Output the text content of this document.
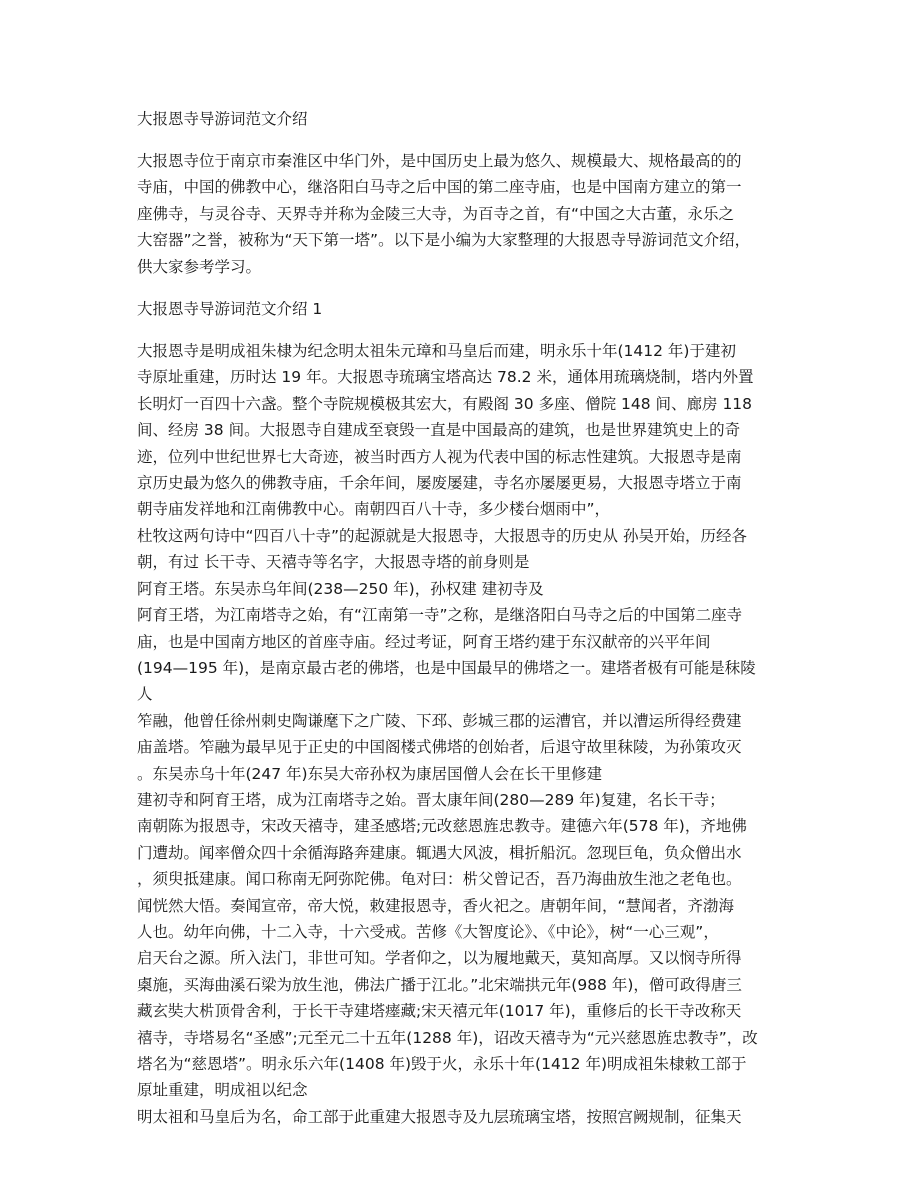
大报恩寺导游词范文介绍
大报恩寺位于南京市秦淮区中华门外，是中国历史上最为悠久、规模最大、规格最高的的
寺庙，中国的佛教中心，继洛阳白马寺之后中国的第二座寺庙，也是中国南方建立的第一
座佛寺，与灵谷寺、天界寺并称为金陵三大寺，为百寺之首，有“中国之大古董，永乐之
大窑器”之誉，被称为“天下第一塔”。以下是小编为大家整理的大报恩寺导游词范文介绍，
供大家参考学习。
大报恩寺导游词范文介绍 1
大报恩寺是明成祖朱棣为纪念明太祖朱元璋和马皇后而建，明永乐十年(1412 年)于建初
寺原址重建，历时达 19 年。大报恩寺琉璃宝塔高达 78.2 米，通体用琉璃烧制，塔内外置
长明灯一百四十六盏。整个寺院规模极其宏大，有殿阁 30 多座、僧院 148 间、廊房 118
间、经房 38 间。大报恩寺自建成至衰毁一直是中国最高的建筑，也是世界建筑史上的奇
迹，位列中世纪世界七大奇迹，被当时西方人视为代表中国的标志性建筑。大报恩寺是南
京历史最为悠久的佛教寺庙，千余年间，屡废屡建，寺名亦屡屡更易，大报恩寺塔立于南
朝寺庙发祥地和江南佛教中心。南朝四百八十寺，多少楼台烟雨中”，
杜牧这两句诗中“四百八十寺”的起源就是大报恩寺，大报恩寺的历史从 孙吴开始，历经各
朝，有过 长干寺、天禧寺等名字，大报恩寺塔的前身则是
阿育王塔。东吴赤乌年间(238—250 年)，孙权建 建初寺及
阿育王塔，为江南塔寺之始，有“江南第一寺”之称，是继洛阳白马寺之后的中国第二座寺
庙，也是中国南方地区的首座寺庙。经过考证，阿育王塔约建于东汉献帝的兴平年间
(194—195 年)，是南京最古老的佛塔，也是中国最早的佛塔之一。建塔者极有可能是秣陵
人
笮融，他曾任徐州刺史陶谦麾下之广陵、下邳、彭城三郡的运漕官，并以漕运所得经费建
庙盖塔。笮融为最早见于正史的中国阁楼式佛塔的创始者，后退守故里秣陵，为孙策攻灭
。东吴赤乌十年(247 年)东吴大帝孙权为康居国僧人会在长干里修建
建初寺和阿育王塔，成为江南塔寺之始。晋太康年间(280—289 年)复建，名长干寺；
南朝陈为报恩寺，宋改天禧寺，建圣感塔;元改慈恩旌忠教寺。建德六年(578 年)，齐地佛
门遭劫。闻率僧众四十余循海路奔建康。辄遇大风波，楫折船沉。忽现巨龟，负众僧出水
，须臾抵建康。闻口称南无阿弥陀佛。龟对曰：㭊父曾记否，吾乃海曲放生池之老龟也。
闻恍然大悟。奏闻宣帝，帝大悦，敕建报恩寺，香火祀之。唐朝年间，“慧闻者，齐渤海
人也。幼年向佛，十二入寺，十六受戒。苦修《大智度论》、《中论》，树“一心三观”，
启天台之源。所入法门，非世可知。学者仰之，以为履地戴天，莫知高厚。又以悯寺所得
㮚施，买海曲溪石梁为放生池，佛法广播于江北。”北宋端拱元年(988 年)，僧可政得唐三
藏玄奘大㭊顶骨舍利，于长干寺建塔瘗藏;宋天禧元年(1017 年)，重修后的长干寺改称天
禧寺，寺塔易名“圣感”;元至元二十五年(1288 年)，诏改天禧寺为“元兴慈恩旌忠教寺”，改
塔名为“慈恩塔”。明永乐六年(1408 年)毁于火，永乐十年(1412 年)明成祖朱棣敕工部于
原址重建，明成祖以纪念
明太祖和马皇后为名，命工部于此重建大报恩寺及九层琉璃宝塔，按照宫阙规制，征集天
